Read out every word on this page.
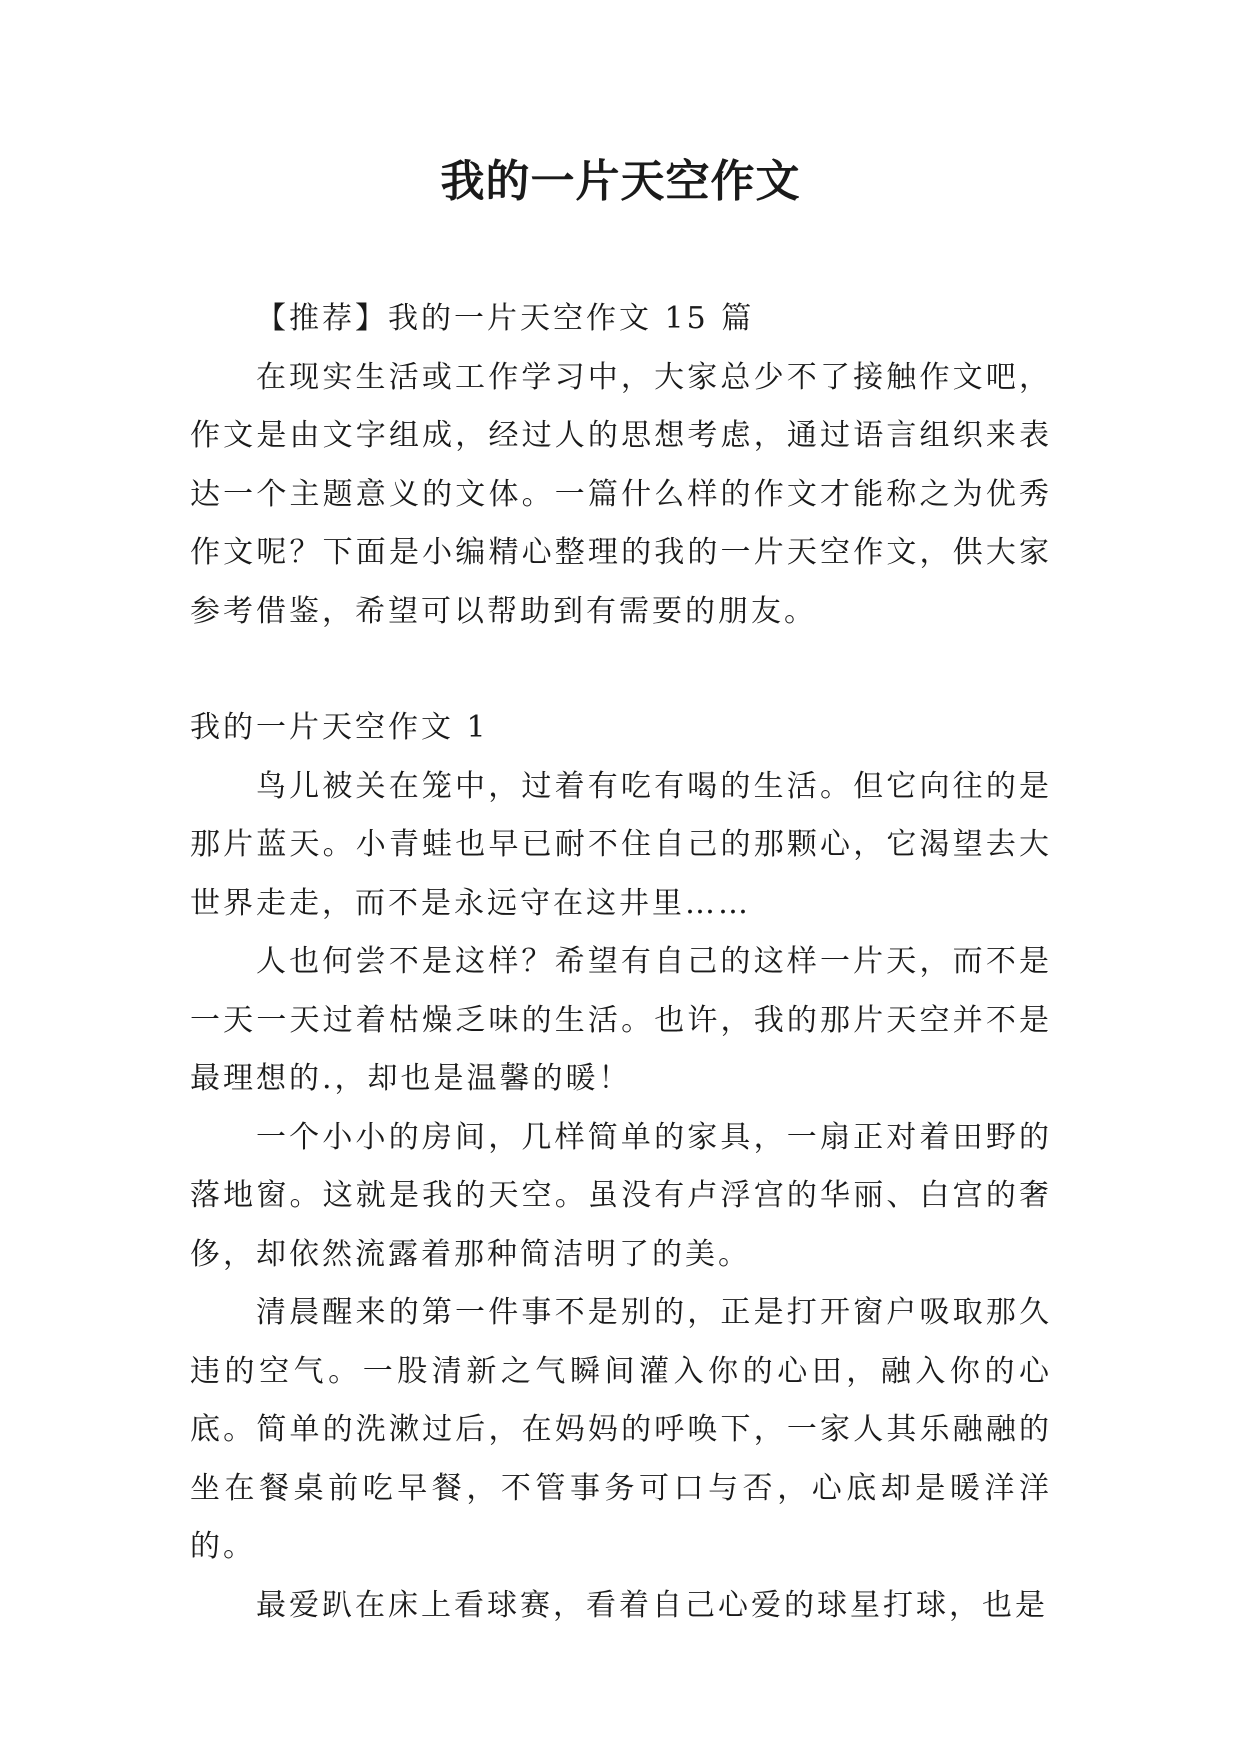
我的一片天空作文

【推荐】我的一片天空作文 15 篇

在现实生活或工作学习中，大家总少不了接触作文吧，作文是由文字组成，经过人的思想考虑，通过语言组织来表达一个主题意义的文体。一篇什么样的作文才能称之为优秀作文呢？下面是小编精心整理的我的一片天空作文，供大家参考借鉴，希望可以帮助到有需要的朋友。

我的一片天空作文 1

鸟儿被关在笼中，过着有吃有喝的生活。但它向往的是那片蓝天。小青蛙也早已耐不住自己的那颗心，它渴望去大世界走走，而不是永远守在这井里……

人也何尝不是这样？希望有自己的这样一片天，而不是一天一天过着枯燥乏味的生活。也许，我的那片天空并不是最理想的.，却也是温馨的暖！

一个小小的房间，几样简单的家具，一扇正对着田野的落地窗。这就是我的天空。虽没有卢浮宫的华丽、白宫的奢侈，却依然流露着那种简洁明了的美。

清晨醒来的第一件事不是别的，正是打开窗户吸取那久违的空气。一股清新之气瞬间灌入你的心田，融入你的心底。简单的洗漱过后，在妈妈的呼唤下，一家人其乐融融的坐在餐桌前吃早餐，不管事务可口与否，心底却是暖洋洋的。

最爱趴在床上看球赛，看着自己心爱的球星打球，也是
